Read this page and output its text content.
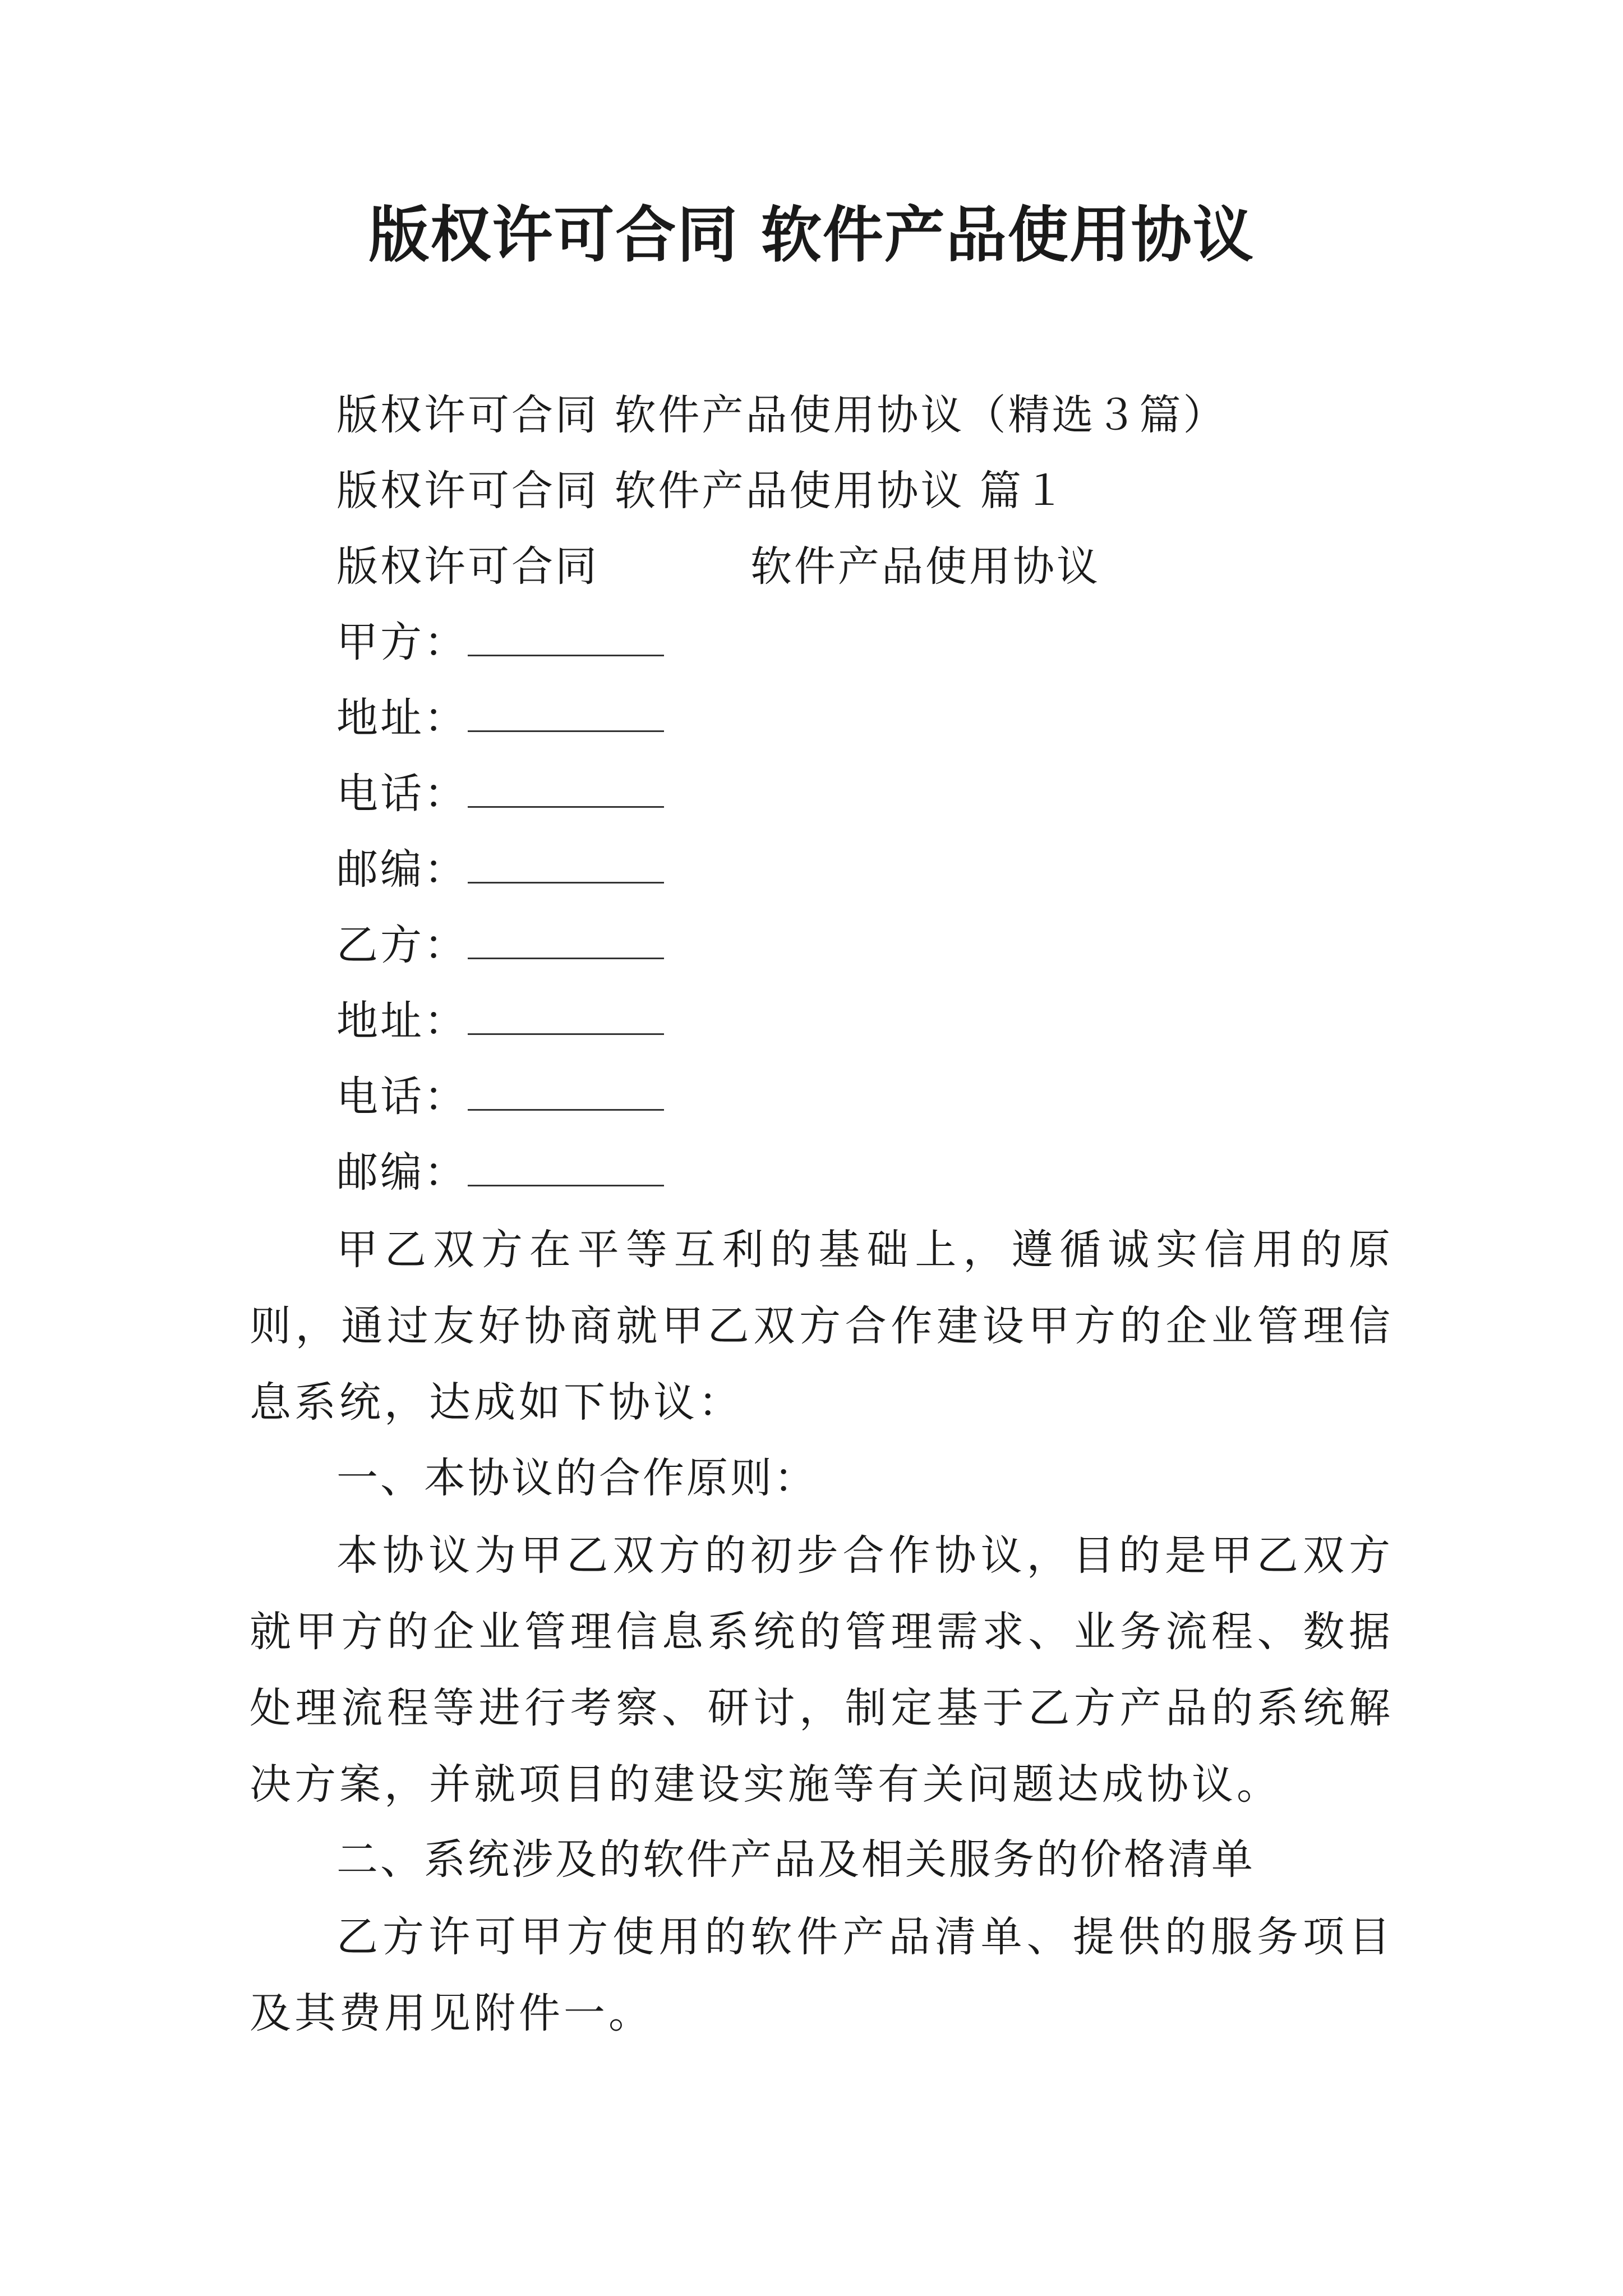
版权许可合同 软件产品使用协议
版权许可合同 软件产品使用协议（精选３篇）
版权许可合同 软件产品使用协议 篇１
版权许可合同	软件产品使用协议
甲方：
地址：
电话：
邮编：
乙方：
地址：
电话：
邮编：

甲乙双方在平等互利的基础上，遵循诚实信用的原则，通过友好协商就甲乙双方合作建设甲方的企业管理信息系统，达成如下协议：

一、本协议的合作原则：

本协议为甲乙双方的初步合作协议，目的是甲乙双方就甲方的企业管理信息系统的管理需求、业务流程、数据处理流程等进行考察、研讨，制定基于乙方产品的系统解决方案，并就项目的建设实施等有关问题达成协议。

二、系统涉及的软件产品及相关服务的价格清单

乙方许可甲方使用的软件产品清单、提供的服务项目及其费用见附件一。
